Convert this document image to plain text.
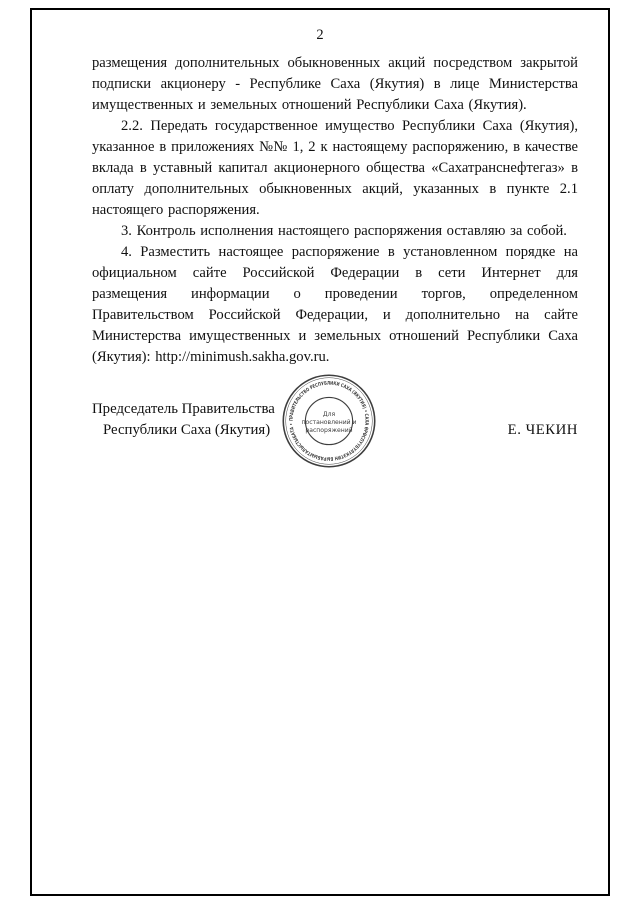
2

размещения дополнительных обыкновенных акций посредством закрытой подписки акционеру - Республике Саха (Якутия) в лице Министерства имущественных и земельных отношений Республики Саха (Якутия).

2.2. Передать государственное имущество Республики Саха (Якутия), указанное в приложениях №№ 1, 2 к настоящему распоряжению, в качестве вклада в уставный капитал акционерного общества «Сахатранснефтегаз» в оплату дополнительных обыкновенных акций, указанных в пункте 2.1 настоящего распоряжения.

3. Контроль исполнения настоящего распоряжения оставляю за собой.

4. Разместить настоящее распоряжение в установленном порядке на официальном сайте Российской Федерации в сети Интернет для размещения информации о проведении торгов, определенном Правительством Российской Федерации, и дополнительно на сайте Министерства имущественных и земельных отношений Республики Саха (Якутия): http://minimush.sakha.gov.ru.

Председатель Правительства
Республики Саха (Якутия)	Е. ЧЕКИН
ПРАВИТЕЛЬСТВО РЕСПУБЛИКИ САХА (ЯКУТИЯ) • САХА ӨРӨСПҮҮБҮЛҮКЭТИН БЫРАБЫЫТАЛЫСТЫБАТА •
Для
постановлений и
распоряжений
